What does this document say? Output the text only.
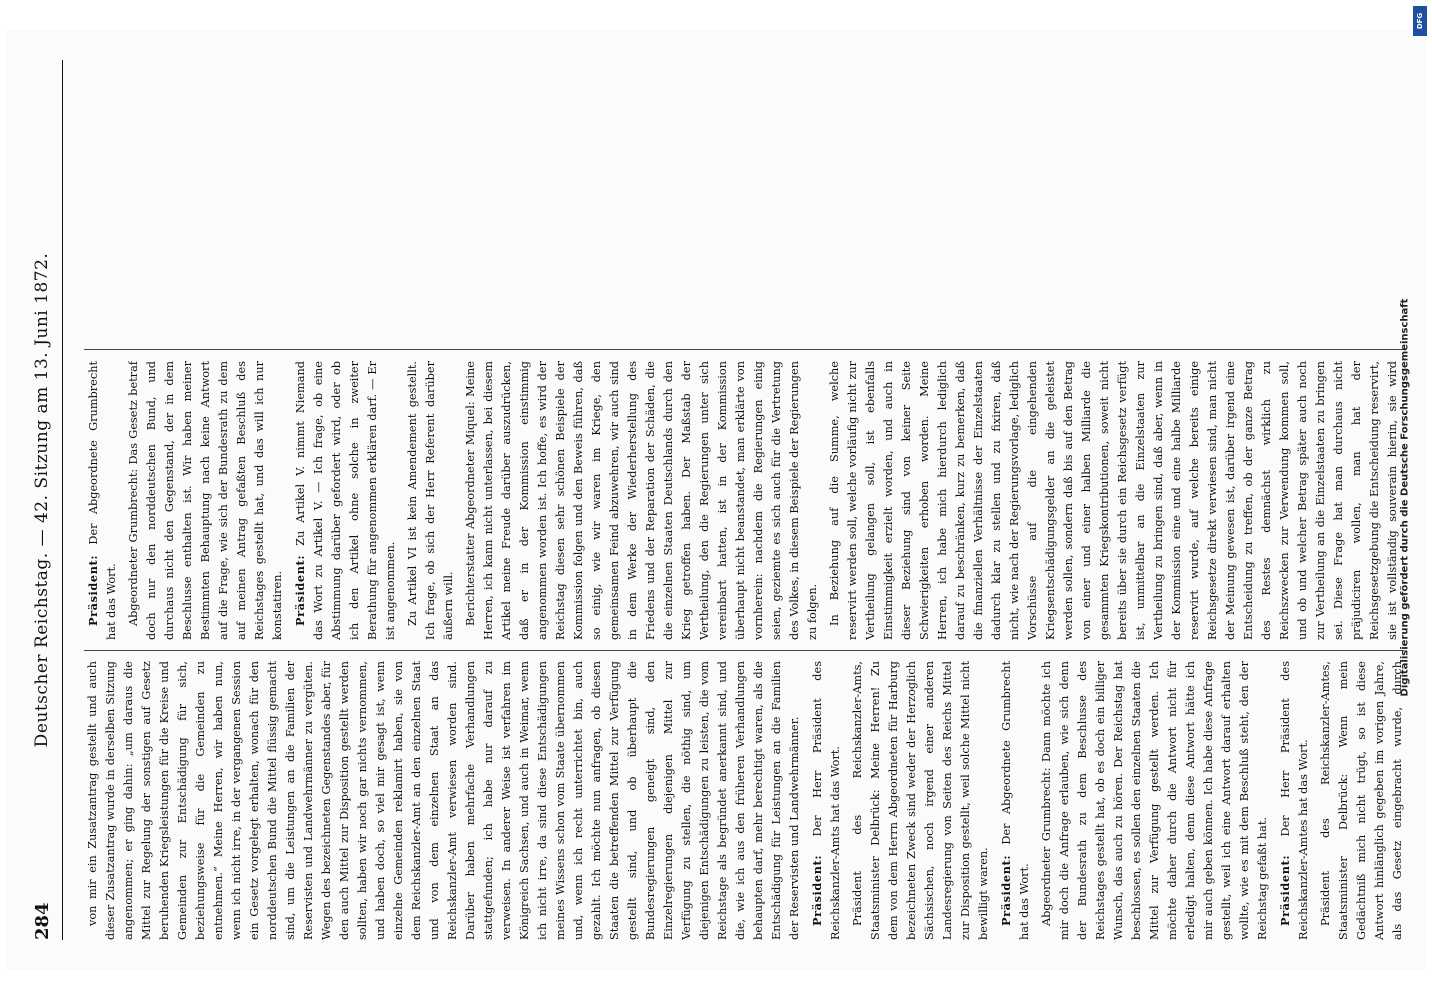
284
Deutscher Reichstag. — 42. Sitzung am 13. Juni 1872.

von mir ein Zusatzantrag gestellt und auch dieser Zusatzantrag wurde in derselben Sitzung angenommen; er ging dahin: „um daraus die Mittel zur Regelung der sonstigen auf Gesetz beruhenden Kriegsleistungen für die Kreise und Gemeinden zur Entschädigung für sich, beziehungsweise für die Gemeinden zu entnehmen.“ Meine Herren, wir haben nun, wenn ich nicht irre, in der vergangenen Session ein Gesetz vorgelegt erhalten, wonach für den norddeutschen Bund die Mittel flüssig gemacht sind, um die Leistungen an die Familien der Reservisten und Landwehrmänner zu vergüten. Wegen des bezeichneten Gegenstandes aber, für den auch Mittel zur Disposition gestellt werden sollten, haben wir noch gar nichts vernommen, und haben doch, so viel mir gesagt ist, wenn einzelne Gemeinden reklamirt haben, sie von dem Reichskanzler-Amt an den einzelnen Staat und von dem einzelnen Staat an das Reichskanzler-Amt verwiesen worden sind. Darüber haben mehrfache Verhandlungen stattgefunden; ich habe nur darauf zu verweisen. In anderer Weise ist verfahren im Königreich Sachsen, und auch in Weimar, wenn ich nicht irre, da sind diese Entschädigungen meines Wissens schon vom Staate übernommen und, wenn ich recht unterrichtet bin, auch gezahlt. Ich möchte nun anfragen, ob diesen Staaten die betreffenden Mittel zur Verfügung gestellt sind, und ob überhaupt die Bundesregierungen geneigt sind, den Einzelregierungen diejenigen Mittel zur Verfügung zu stellen, die nöthig sind, um diejenigen Entschädigungen zu leisten, die vom Reichstage als begründet anerkannt sind, und die, wie ich aus den früheren Verhandlungen behaupten darf, mehr berechtigt waren, als die Entschädigung für Leistungen an die Familien der Reservisten und Landwehrmänner. Präsident: Der Herr Präsident des Reichskanzler-Amts hat das Wort. Präsident des Reichskanzler-Amts, Staatsminister Delbrück: Meine Herren! Zu dem von dem Herrn Abgeordneten für Harburg bezeichneten Zweck sind weder der Herzoglich Sächsischen, noch irgend einer anderen Landesregierung von Seiten des Reichs Mittel zur Disposition gestellt, weil solche Mittel nicht bewilligt waren. Präsident: Der Abgeordnete Grumbrecht hat das Wort. Abgeordneter Grumbrecht: Dann möchte ich mir doch die Anfrage erlauben, wie sich denn der Bundesrath zu dem Beschlusse des Reichstages gestellt hat, ob es doch ein billiger Wunsch, das auch zu hören. Der Reichstag hat beschlossen, es sollen den einzelnen Staaten die Mittel zur Verfügung gestellt werden. Ich möchte daher durch die Antwort nicht für erledigt halten, denn diese Antwort hätte ich mir auch geben können. Ich habe diese Anfrage gestellt, weil ich eine Antwort darauf erhalten wollte, wie es mit dem Beschluß steht, den der Reichstag gefaßt hat. Präsident: Der Herr Präsident des Reichskanzler-Amtes hat das Wort. Präsident des Reichskanzler-Amtes, Staatsminister Delbrück: Wenn mein Gedächtniß mich nicht trügt, so ist diese Antwort hinlänglich gegeben im vorigen Jahre, als das Gesetz eingebracht wurde, durch

Präsident: Der Abgeordnete Grumbrecht hat das Wort. Abgeordneter Grumbrecht: Das Gesetz betraf doch nur den norddeutschen Bund, und durchaus nicht den Gegenstand, der in dem Beschlusse enthalten ist. Wir haben meiner Bestimmten Behauptung nach keine Antwort auf die Frage, wie sich der Bundesrath zu dem auf meinen Antrag gefaßten Beschluß des Reichstages gestellt hat, und das will ich nur konstatiren. Präsident: Zu Artikel V. nimmt Niemand das Wort zu Artikel V. — Ich frage, ob eine Abstimmung darüber gefordert wird, oder ob ich den Artikel ohne solche in zweiter Berathung für angenommen erklären darf. — Er ist angenommen. Zu Artikel VI ist kein Amendement gestellt. Ich frage, ob sich der Herr Referent darüber äußern will. Berichterstatter Abgeordneter Miquel: Meine Herren, ich kann nicht unterlassen, bei diesem Artikel meine Freude darüber auszudrücken, daß er in der Kommission einstimmig angenommen worden ist. Ich hoffe, es wird der Reichstag diesen sehr schönen Beispiele der Kommission folgen und den Beweis führen, daß so einig, wie wir waren im Kriege, den gemeinsamen Feind abzuwehren, wir auch sind in dem Werke der Wiederherstellung des Friedens und der Reparation der Schäden, die die einzelnen Staaten Deutschlands durch den Krieg getroffen haben. Der Maßstab der Vertheilung, den die Regierungen unter sich vereinbart hatten, ist in der Kommission überhaupt nicht beanstandet, man erklärte von vornherein: nachdem die Regierungen einig seien, geziemte es sich auch für die Vertretung des Volkes, in diesem Beispiele der Regierungen zu folgen. In Beziehung auf die Summe, welche reservirt werden soll, welche vorläufig nicht zur Vertheilung gelangen soll, ist ebenfalls Einstimmigkeit erzielt worden, und auch in dieser Beziehung sind von keiner Seite Schwierigkeiten erhoben worden. Meine Herren, ich habe mich hierdurch lediglich darauf zu beschränken, kurz zu bemerken, daß die finanziellen Verhältnisse der Einzelstaaten dadurch klar zu stellen und zu fixiren, daß nicht, wie nach der Regierungsvorlage, lediglich Vorschüsse auf die eingehenden Kriegsentschädigungsgelder an die geleistet werden sollen, sondern daß bis auf den Betrag von einer und einer halben Milliarde die gesammten Kriegskontributionen, soweit nicht bereits über sie durch ein Reichsgesetz verfügt ist, unmittelbar an die Einzelstaaten zur Vertheilung zu bringen sind, daß aber, wenn in der Kommission eine und eine halbe Milliarde reservirt wurde, auf welche bereits einige Reichsgesetze direkt verwiesen sind, man nicht der Meinung gewesen ist, darüber irgend eine Entscheidung zu treffen, ob der ganze Betrag des Restes demnächst wirklich zu Reichszwecken zur Verwendung kommen soll, und ob und welcher Betrag später auch noch zur Vertheilung an die Einzelstaaten zu bringen sei. Diese Frage hat man durchaus nicht präjudiciren wollen, man hat der Reichsgesetzgebung die Entscheidung reservirt, sie ist vollständig souverain hierin, sie wird Digitalisierung gefördert durch die Deutsche Forschungsgemeinschaft
DFG
